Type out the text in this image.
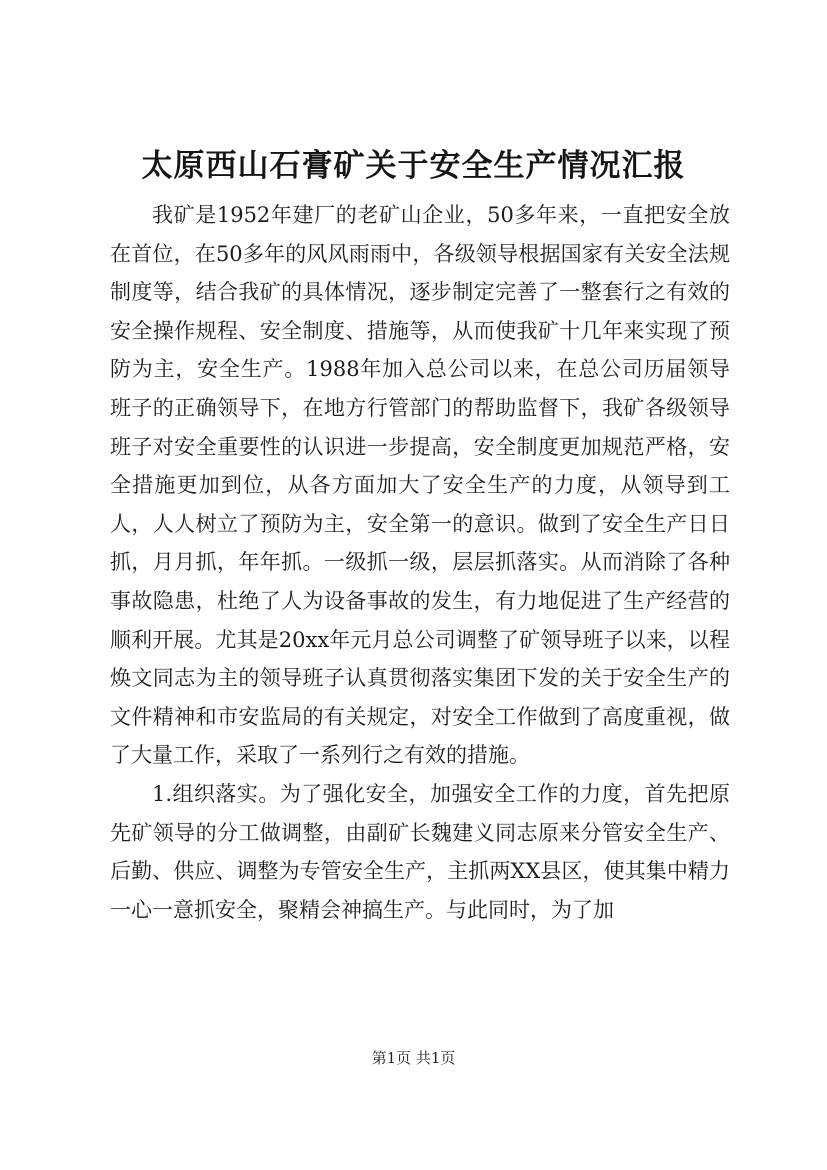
太原西山石膏矿关于安全生产情况汇报

我矿是1952年建厂的老矿山企业，50多年来，一直把安全放在首位，在50多年的风风雨雨中，各级领导根据国家有关安全法规制度等，结合我矿的具体情况，逐步制定完善了一整套行之有效的安全操作规程、安全制度、措施等，从而使我矿十几年来实现了预防为主，安全生产。1988年加入总公司以来，在总公司历届领导班子的正确领导下，在地方行管部门的帮助监督下，我矿各级领导班子对安全重要性的认识进一步提高，安全制度更加规范严格，安全措施更加到位，从各方面加大了安全生产的力度，从领导到工人，人人树立了预防为主，安全第一的意识。做到了安全生产日日抓，月月抓，年年抓。一级抓一级，层层抓落实。从而消除了各种事故隐患，杜绝了人为设备事故的发生，有力地促进了生产经营的顺利开展。尤其是20xx年元月总公司调整了矿领导班子以来，以程焕文同志为主的领导班子认真贯彻落实集团下发的关于安全生产的文件精神和市安监局的有关规定，对安全工作做到了高度重视，做了大量工作，采取了一系列行之有效的措施。

1.组织落实。为了强化安全，加强安全工作的力度，首先把原先矿领导的分工做调整，由副矿长魏建义同志原来分管安全生产、后勤、供应、调整为专管安全生产，主抓两XX县区，使其集中精力一心一意抓安全，聚精会神搞生产。与此同时，为了加

第1页 共1页
